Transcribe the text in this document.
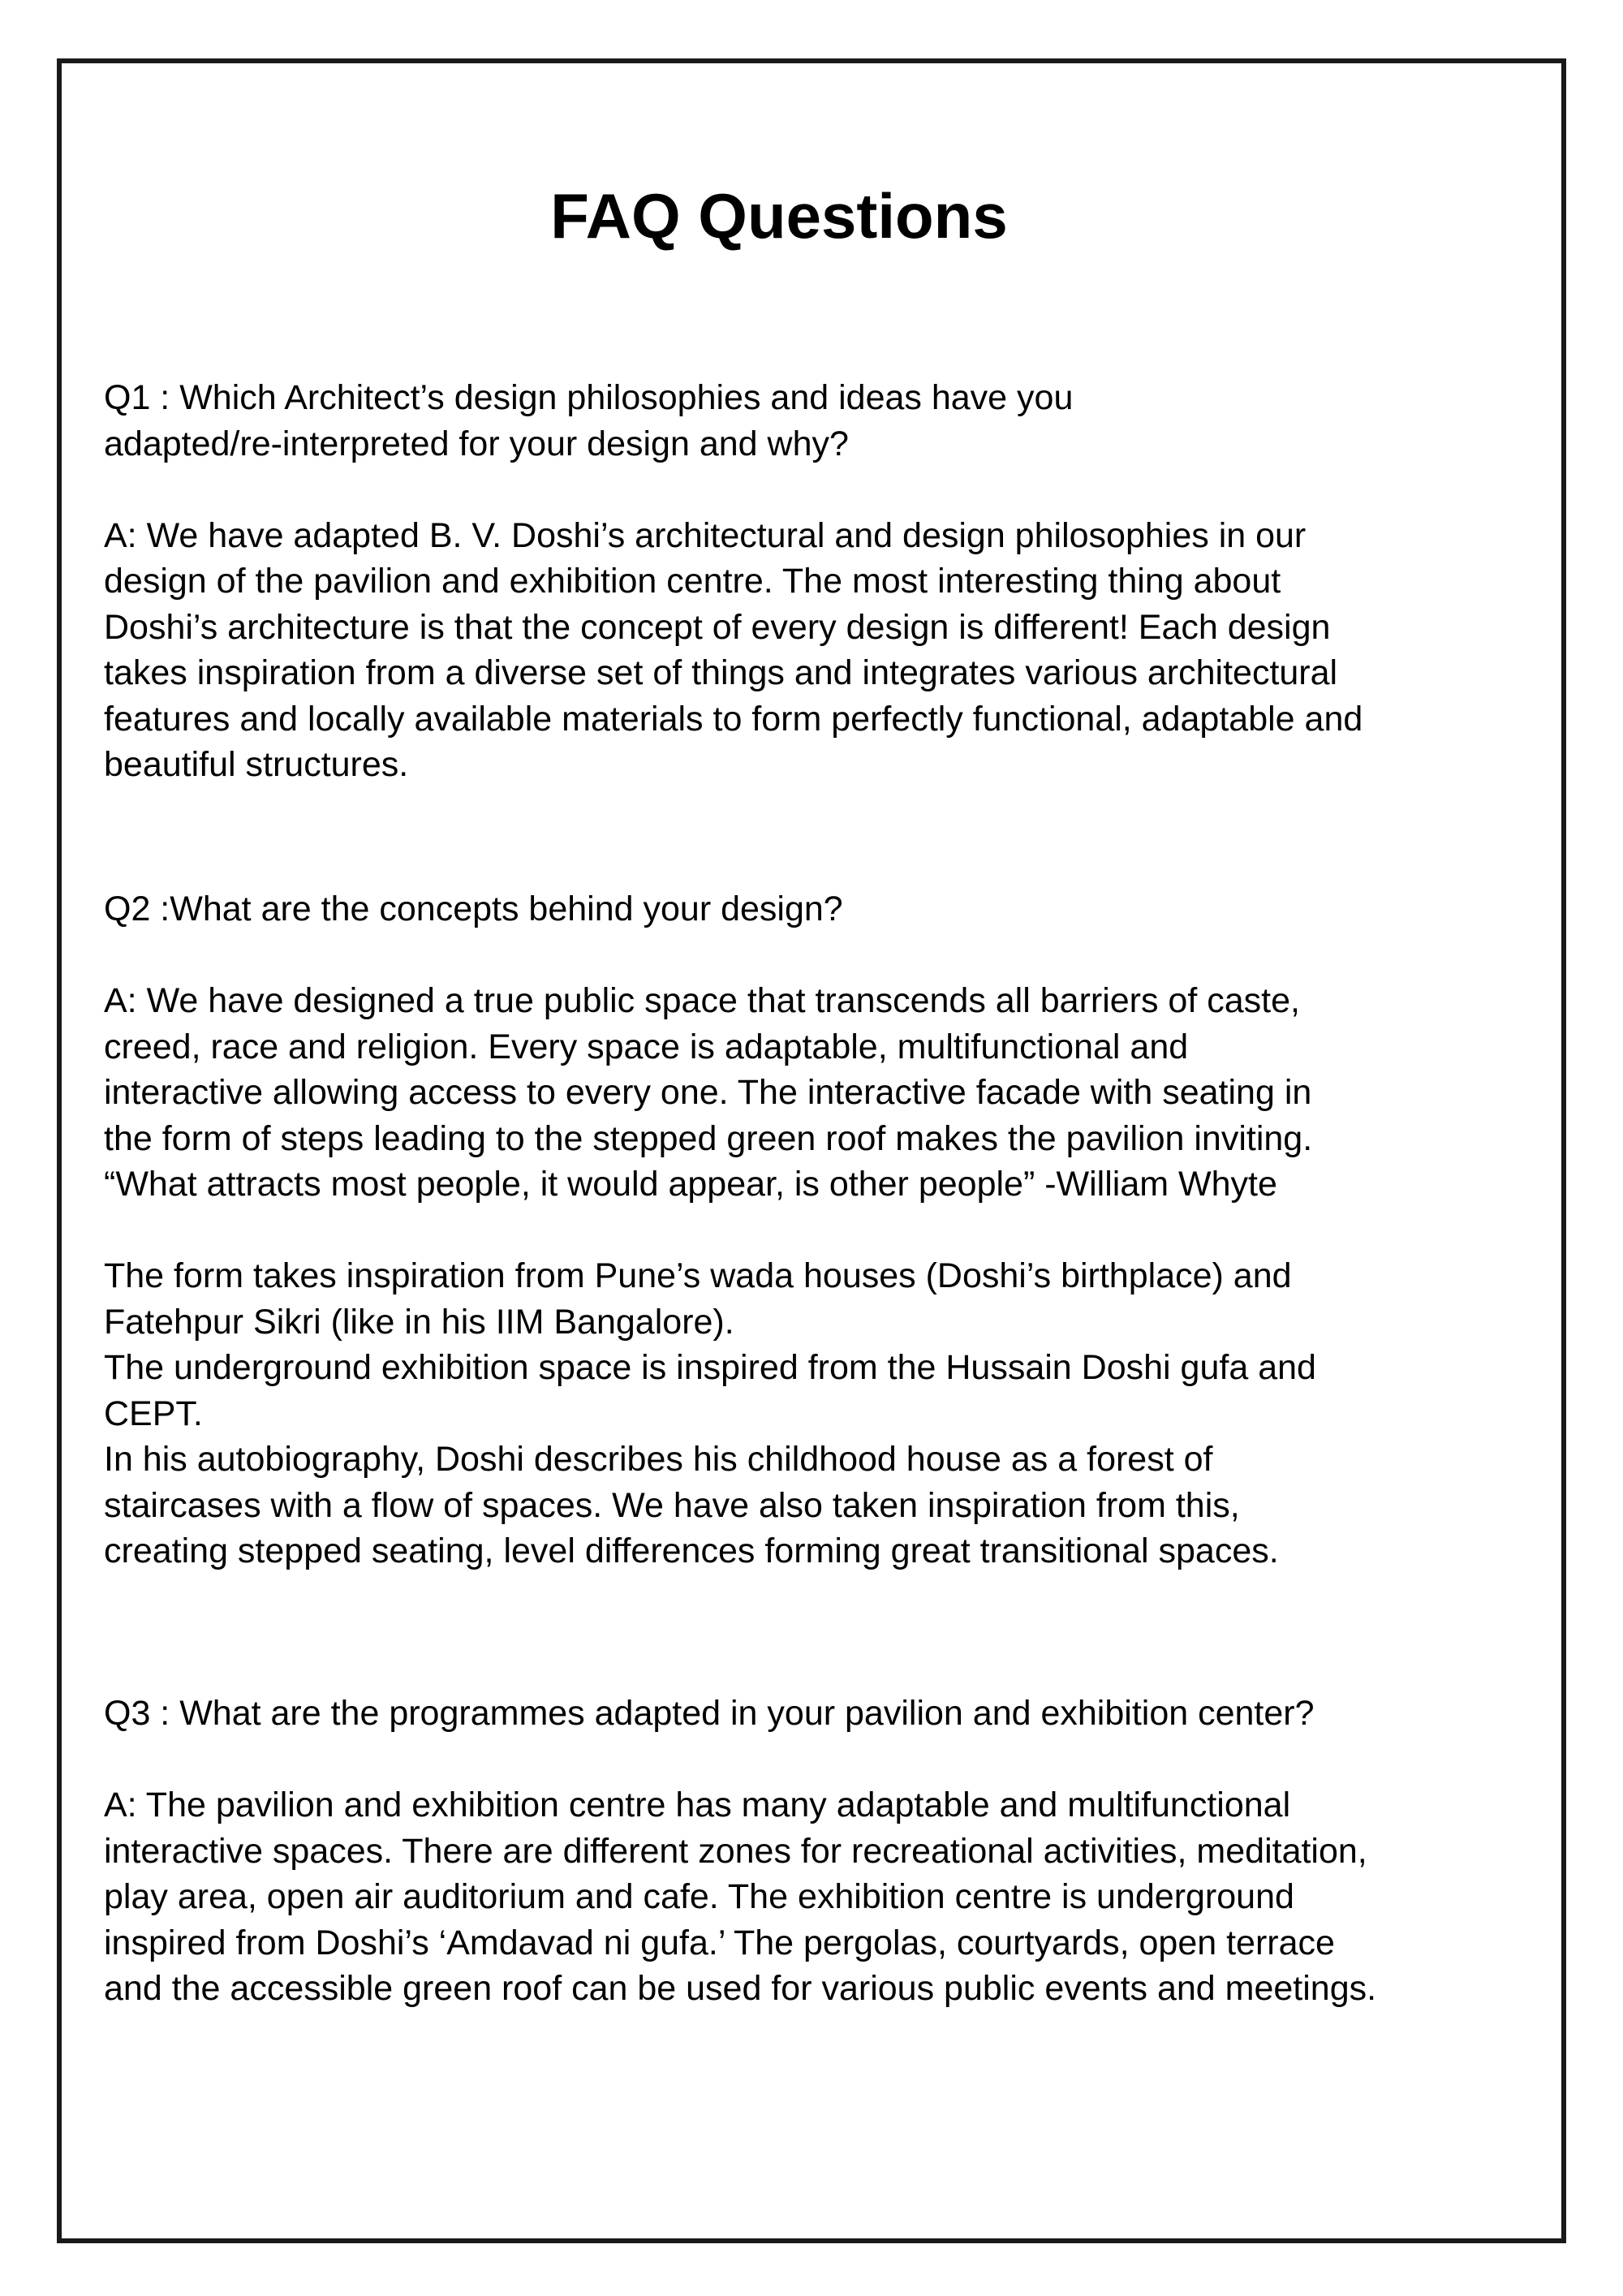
FAQ Questions

Q1 : Which Architect’s design philosophies and ideas have you
adapted/re-interpreted for your design and why?

A: We have adapted B. V. Doshi’s architectural and design philosophies in our
design of the pavilion and exhibition centre. The most interesting thing about
Doshi’s architecture is that the concept of every design is different! Each design
takes inspiration from a diverse set of things and integrates various architectural
features and locally available materials to form perfectly functional, adaptable and
beautiful structures.

Q2 :What are the concepts behind your design?

A: We have designed a true public space that transcends all barriers of caste,
creed, race and religion. Every space is adaptable, multifunctional and
interactive allowing access to every one. The interactive facade with seating in
the form of steps leading to the stepped green roof makes the pavilion inviting.
“What attracts most people, it would appear, is other people” -William Whyte

The form takes inspiration from Pune’s wada houses (Doshi’s birthplace) and
Fatehpur Sikri (like in his IIM Bangalore).
The underground exhibition space is inspired from the Hussain Doshi gufa and
CEPT.
In his autobiography, Doshi describes his childhood house as a forest of
staircases with a flow of spaces. We have also taken inspiration from this,
creating stepped seating, level differences forming great transitional spaces.

Q3 : What are the programmes adapted in your pavilion and exhibition center?

A: The pavilion and exhibition centre has many adaptable and multifunctional
interactive spaces. There are different zones for recreational activities, meditation,
play area, open air auditorium and cafe. The exhibition centre is underground
inspired from Doshi’s ‘Amdavad ni gufa.’ The pergolas, courtyards, open terrace
and the accessible green roof can be used for various public events and meetings.
